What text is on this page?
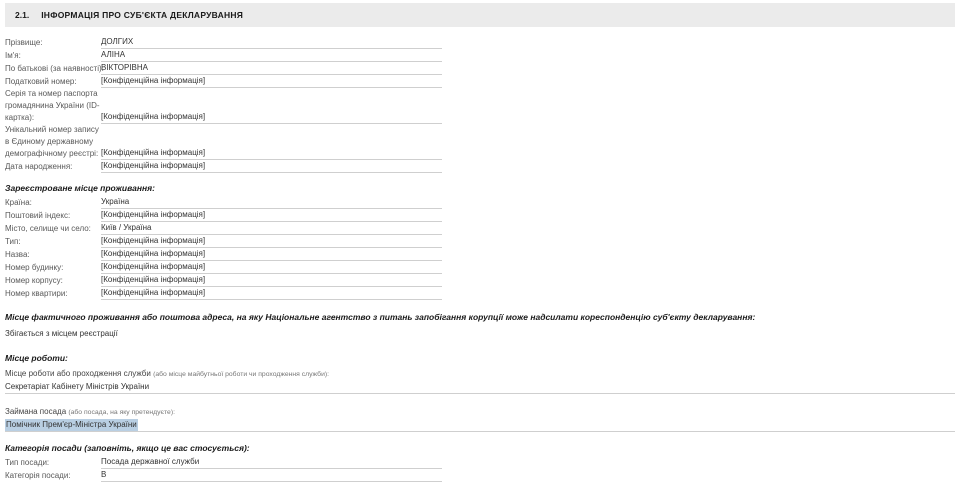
2.1. ІНФОРМАЦІЯ ПРО СУБ'ЄКТА ДЕКЛАРУВАННЯ
Прізвище:	ДОЛГИХ
Ім'я:	АЛІНА
По батькові (за наявності):
ВІКТОРІВНА
Податковий номер:	[Конфіденційна інформація]
Серія та номер паспорта громадянина України (ID-картка):	[Конфіденційна інформація]
Унікальний номер запису в Єдиному державному демографічному реєстрі: [Конфіденційна інформація]
Дата народження:	[Конфіденційна інформація]
Зареєстроване місце проживання:
Країна:	Україна
Поштовий індекс:	[Конфіденційна інформація]
Місто, селище чи село:	Київ / Україна
Тип:	[Конфіденційна інформація]
Назва:	[Конфіденційна інформація]
Номер будинку:	[Конфіденційна інформація]
Номер корпусу:	[Конфіденційна інформація]
Номер квартири:	[Конфіденційна інформація]
Місце фактичного проживання або поштова адреса, на яку Національне агентство з питань запобігання корупції може надсилати кореспонденцію суб'єкту декларування:
Збігається з місцем реєстрації
Місце роботи:
Місце роботи або проходження служби (або місце майбутньої роботи чи проходження служби):
Секретаріат Кабінету Міністрів України
Займана посада (або посада, на яку претендуєте):
Помічник Прем'єр-Міністра України
Категорія посади (заповніть, якщо це вас стосується):
Тип посади:	Посада державної служби
Категорія посади:	В
